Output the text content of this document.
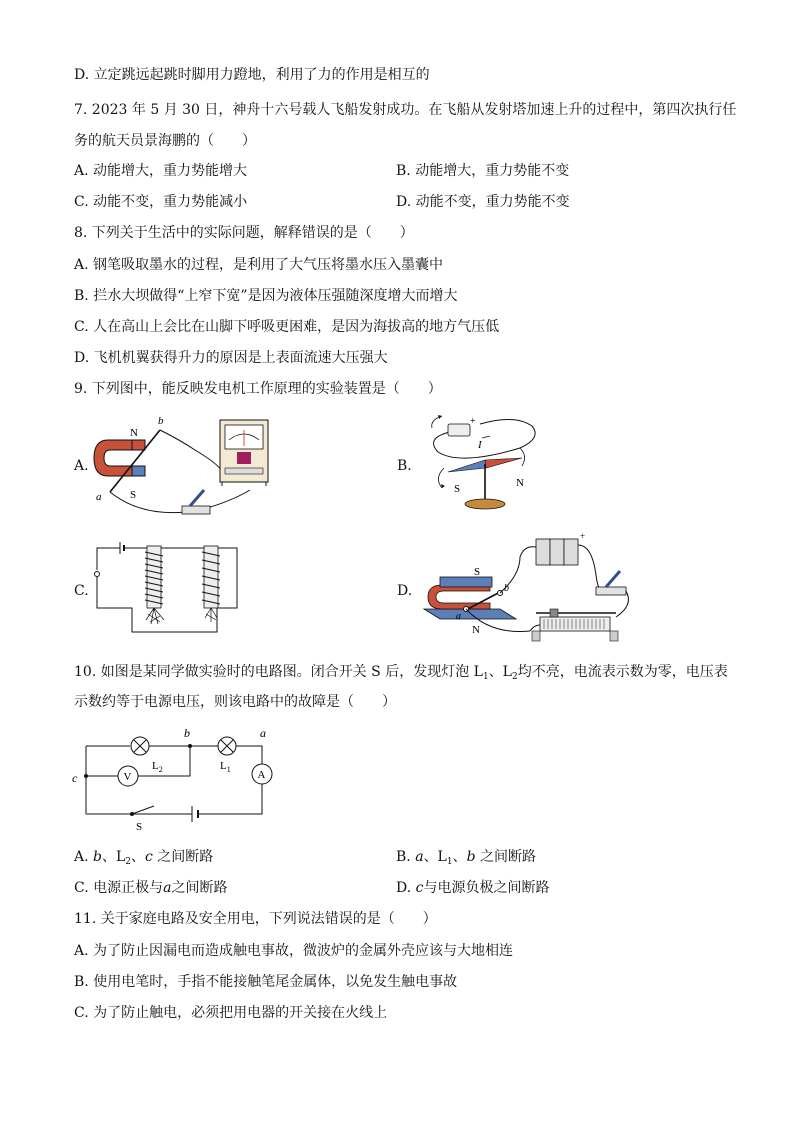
D. 立定跳远起跳时脚用力蹬地，利用了力的作用是相互的
7. 2023 年 5 月 30 日，神舟十六号载人飞船发射成功。在飞船从发射塔加速上升的过程中，第四次执行任
务的航天员景海鹏的（　　）
A. 动能增大，重力势能增大	B. 动能增大，重力势能不变
C. 动能不变，重力势能减小	D. 动能不变，重力势能不变
8. 下列关于生活中的实际问题，解释错误的是（　　）
A. 钢笔吸取墨水的过程，是利用了大气压将墨水压入墨囊中
B. 拦水大坝做得“上窄下宽”是因为液体压强随深度增大而增大
C. 人在高山上会比在山脚下呼吸更困难，是因为海拔高的地方气压低
D. 飞机机翼获得升力的原因是上表面流速大压强大
9. 下列图中，能反映发电机工作原理的实验装置是（　　）
A.	B.
C.	D.
N
S
a
b	+
I
S	N
+
S
N
a
b
10. 如图是某同学做实验时的电路图。闭合开关 S 后，发现灯泡 $L_1$、$L_2$均不亮，电流表示数为零，电压表
示数约等于电源电压，则该电路中的故障是（　　）
A
V
b	a
c
$L_2$	$L_1$
S
A. b、$L_2$、c 之间断路	B. a、$L_1$、b 之间断路
C. 电源正极与a之间断路	D. c与电源负极之间断路
11. 关于家庭电路及安全用电，下列说法错误的是（　　）
A. 为了防止因漏电而造成触电事故，微波炉的金属外壳应该与大地相连
B. 使用电笔时，手指不能接触笔尾金属体，以免发生触电事故
C. 为了防止触电，必须把用电器的开关接在火线上
